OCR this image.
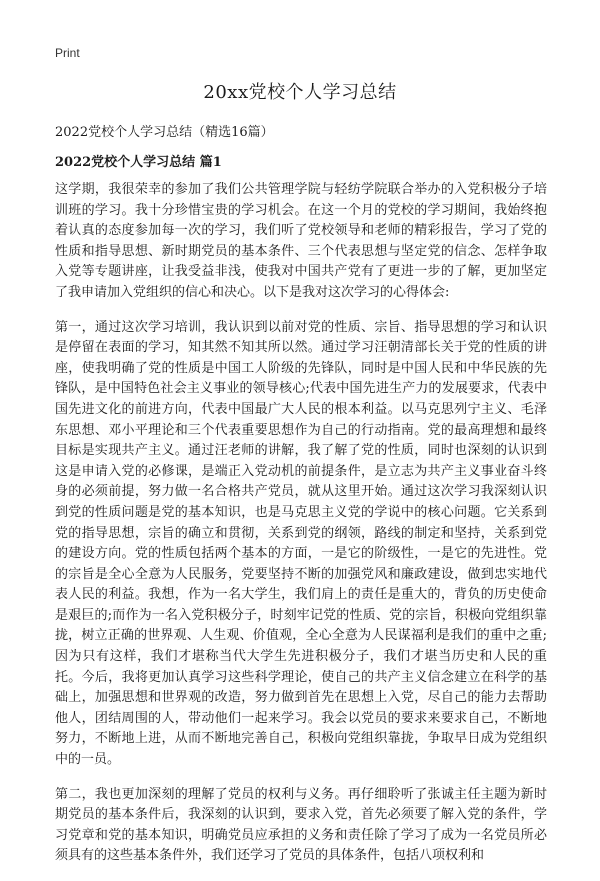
Print
20xx党校个人学习总结
2022党校个人学习总结（精选16篇）
2022党校个人学习总结 篇1

这学期，我很荣幸的参加了我们公共管理学院与轻纺学院联合举办的入党积极分子培训班的学习。我十分珍惜宝贵的学习机会。在这一个月的党校的学习期间，我始终抱着认真的态度参加每一次的学习，我们听了党校领导和老师的精彩报告，学习了党的性质和指导思想、新时期党员的基本条件、三个代表思想与坚定党的信念、怎样争取入党等专题讲座，让我受益非浅，使我对中国共产党有了更进一步的了解，更加坚定了我申请加入党组织的信心和决心。以下是我对这次学习的心得体会:

第一，通过这次学习培训，我认识到以前对党的性质、宗旨、指导思想的学习和认识是停留在表面的学习，知其然不知其所以然。通过学习汪朝清部长关于党的性质的讲座，使我明确了党的性质是中国工人阶级的先锋队，同时是中国人民和中华民族的先锋队，是中国特色社会主义事业的领导核心;代表中国先进生产力的发展要求，代表中国先进文化的前进方向，代表中国最广大人民的根本利益。以马克思列宁主义、毛泽东思想、邓小平理论和三个代表重要思想作为自己的行动指南。党的最高理想和最终目标是实现共产主义。通过汪老师的讲解，我了解了党的性质，同时也深刻的认识到这是申请入党的必修课，是端正入党动机的前提条件，是立志为共产主义事业奋斗终身的必须前提，努力做一名合格共产党员，就从这里开始。通过这次学习我深刻认识到党的性质问题是党的基本知识，也是马克思主义党的学说中的核心问题。它关系到党的指导思想，宗旨的确立和贯彻，关系到党的纲领，路线的制定和坚持，关系到党的建设方向。党的性质包括两个基本的方面，一是它的阶级性，一是它的先进性。党的宗旨是全心全意为人民服务，党要坚持不断的加强党风和廉政建设，做到忠实地代表人民的利益。我想，作为一名大学生，我们肩上的责任是重大的，背负的历史使命是艰巨的;而作为一名入党积极分子，时刻牢记党的性质、党的宗旨，积极向党组织靠拢，树立正确的世界观、人生观、价值观，全心全意为人民谋福利是我们的重中之重;因为只有这样，我们才堪称当代大学生先进积极分子，我们才堪当历史和人民的重托。今后，我将更加认真学习这些科学理论，使自己的共产主义信念建立在科学的基础上，加强思想和世界观的改造，努力做到首先在思想上入党，尽自己的能力去帮助他人，团结周围的人，带动他们一起来学习。我会以党员的要求来要求自己，不断地努力，不断地上进，从而不断地完善自己，积极向党组织靠拢，争取早日成为党组织中的一员。

第二，我也更加深刻的理解了党员的权利与义务。再仔细聆听了张诚主任主题为新时期党员的基本条件后，我深刻的认识到，要求入党，首先必须要了解入党的条件，学习党章和党的基本知识，明确党员应承担的义务和责任除了学习了成为一名党员所必须具有的这些基本条件外，我们还学习了党员的具体条件，包括八项权利和
